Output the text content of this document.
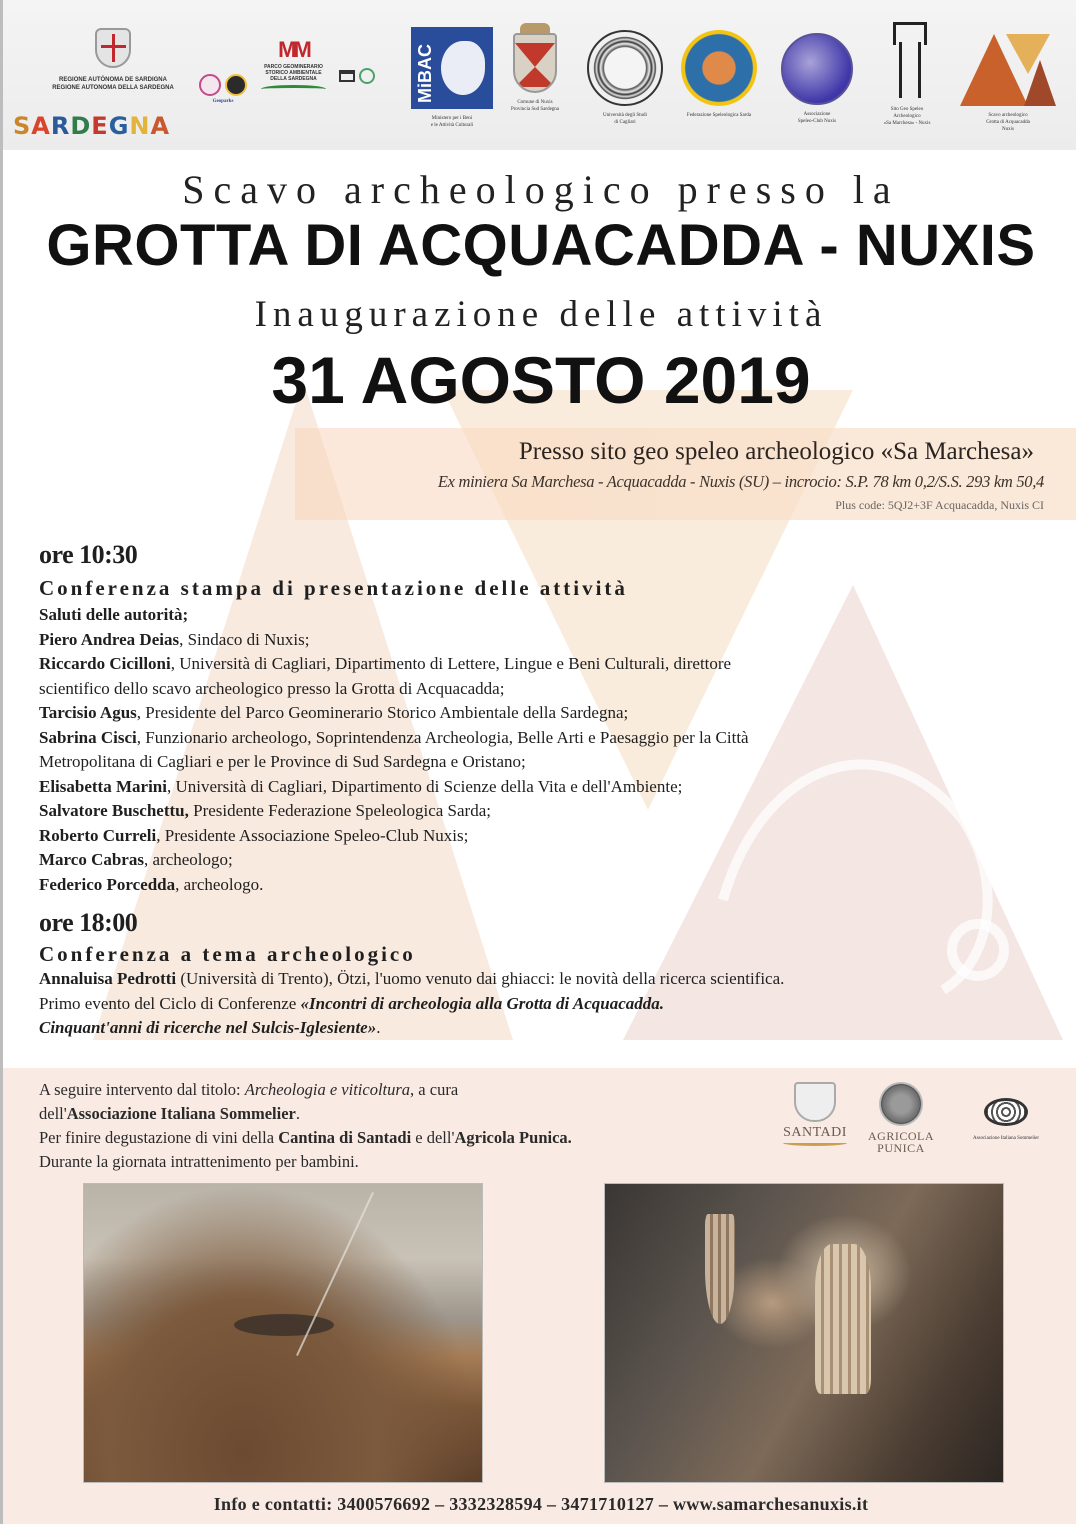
REGIONE AUTÒNOMA DE SARDIGNA
REGIONE AUTONOMA DELLA SARDEGNA
SARDEGNA
Geoparks
MM
PARCO GEOMINERARIO
STORICO AMBIENTALE
DELLA SARDEGNA	MiBAC
Ministero per i Beni
e le Attività Culturali
Comune di Nuxis
Provincia Sud Sardegna
Università degli Studi
di Cagliari
Federazione Speleologica Sarda	Associazione
Speleo-Club Nuxis
Sito Geo Speleo
Archeologico
«Sa Marchesa» - Nuxis
Scavo archeologico
Grotta di Acquacadda
Nuxis
Scavo archeologico presso la
GROTTA DI ACQUACADDA - NUXIS
Inaugurazione delle attività
31 AGOSTO 2019
Presso sito geo speleo archeologico «Sa Marchesa»
Ex miniera Sa Marchesa - Acquacadda - Nuxis (SU) – incrocio: S.P. 78 km 0,2/S.S. 293 km 50,4
Plus code: 5QJ2+3F Acquacadda, Nuxis CI
ore 10:30
Conferenza stampa di presentazione delle attività
Saluti delle autorità;
Piero Andrea Deias, Sindaco di Nuxis;
Riccardo Cicilloni, Università di Cagliari, Dipartimento di Lettere, Lingue e Beni Culturali, direttore
scientifico dello scavo archeologico presso la Grotta di Acquacadda;
Tarcisio Agus, Presidente del Parco Geominerario Storico Ambientale della Sardegna;
Sabrina Cisci, Funzionario archeologo, Soprintendenza Archeologia, Belle Arti e Paesaggio per la Città
Metropolitana di Cagliari e per le Province di Sud Sardegna e Oristano;
Elisabetta Marini, Università di Cagliari, Dipartimento di Scienze della Vita e dell'Ambiente;
Salvatore Buschettu, Presidente Federazione Speleologica Sarda;
Roberto Curreli, Presidente Associazione Speleo-Club Nuxis;
Marco Cabras, archeologo;
Federico Porcedda, archeologo.
ore 18:00
Conferenza a tema archeologico
Annaluisa Pedrotti (Università di Trento), Ötzi, l'uomo venuto dai ghiacci: le novità della ricerca scientifica.
Primo evento del Ciclo di Conferenze «Incontri di archeologia alla Grotta di Acquacadda.
Cinquant'anni di ricerche nel Sulcis-Iglesiente».
A seguire intervento dal titolo: Archeologia e viticoltura, a cura
dell'Associazione Italiana Sommelier.
Per finire degustazione di vini della Cantina di Santadi e dell'Agricola Punica.
Durante la giornata intrattenimento per bambini.
SANTADI AGRICOLA
PUNICA
Associazione Italiana Sommelier
Info e contatti: 3400576692 – 3332328594 – 3471710127 – www.samarchesanuxis.it
